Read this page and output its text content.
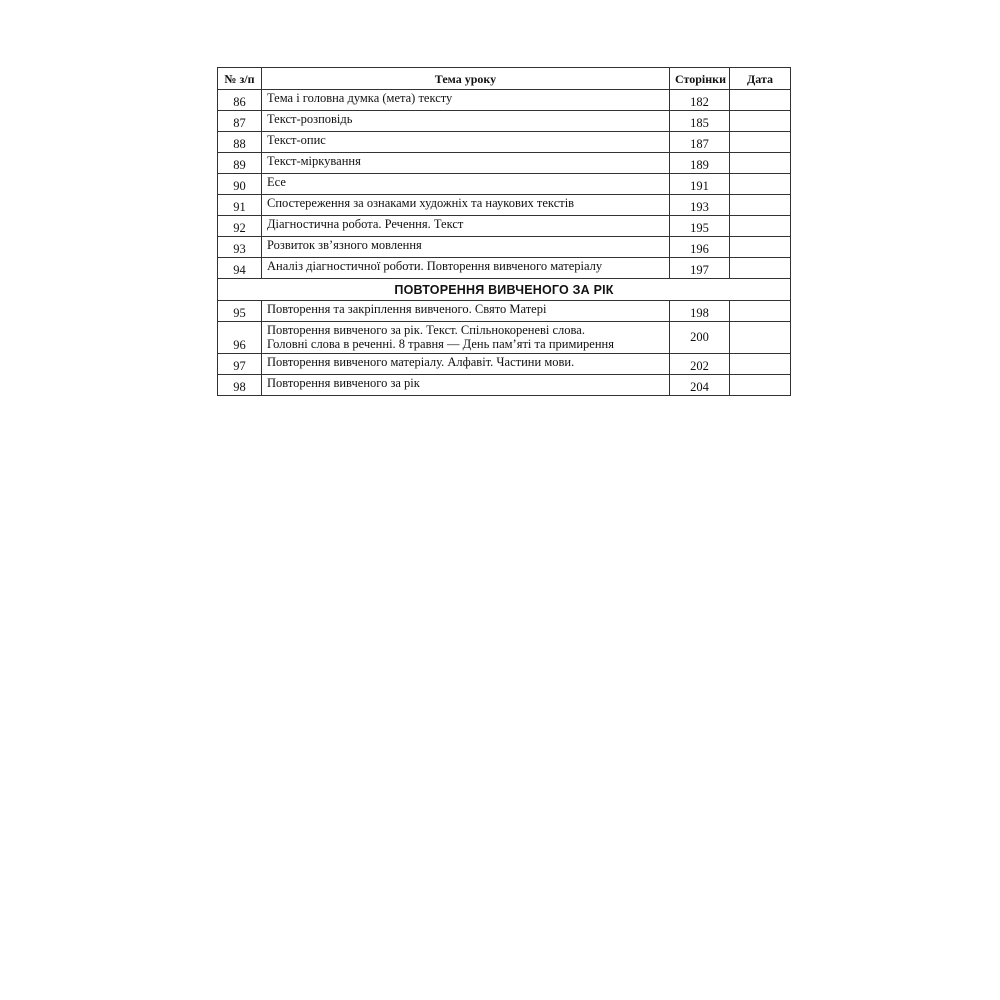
№ з/п	Тема уроку	Сторінки	Дата
86	Тема і головна думка (мета) тексту	182	
87	Текст-розповідь	185	
88	Текст-опис	187	
89	Текст-міркування	189	
90	Есе	191	
91	Спостереження за ознаками художніх та наукових текстів	193	
92	Діагностична робота. Речення. Текст	195	
93	Розвиток зв’язного мовлення	196	
94	Аналіз діагностичної роботи. Повторення вивченого матеріалу	197	
ПОВТОРЕННЯ ВИВЧЕНОГО ЗА РІК			
95	Повторення та закріплення вивченого. Свято Матері	198	
96	Повторення вивченого за рік. Текст. Спільнокореневі слова.
Головні слова в реченні. 8 травня — День пам’яті та примирення	200	
97	Повторення вивченого матеріалу. Алфавіт. Частини мови.	202	
98	Повторення вивченого за рік	204	
